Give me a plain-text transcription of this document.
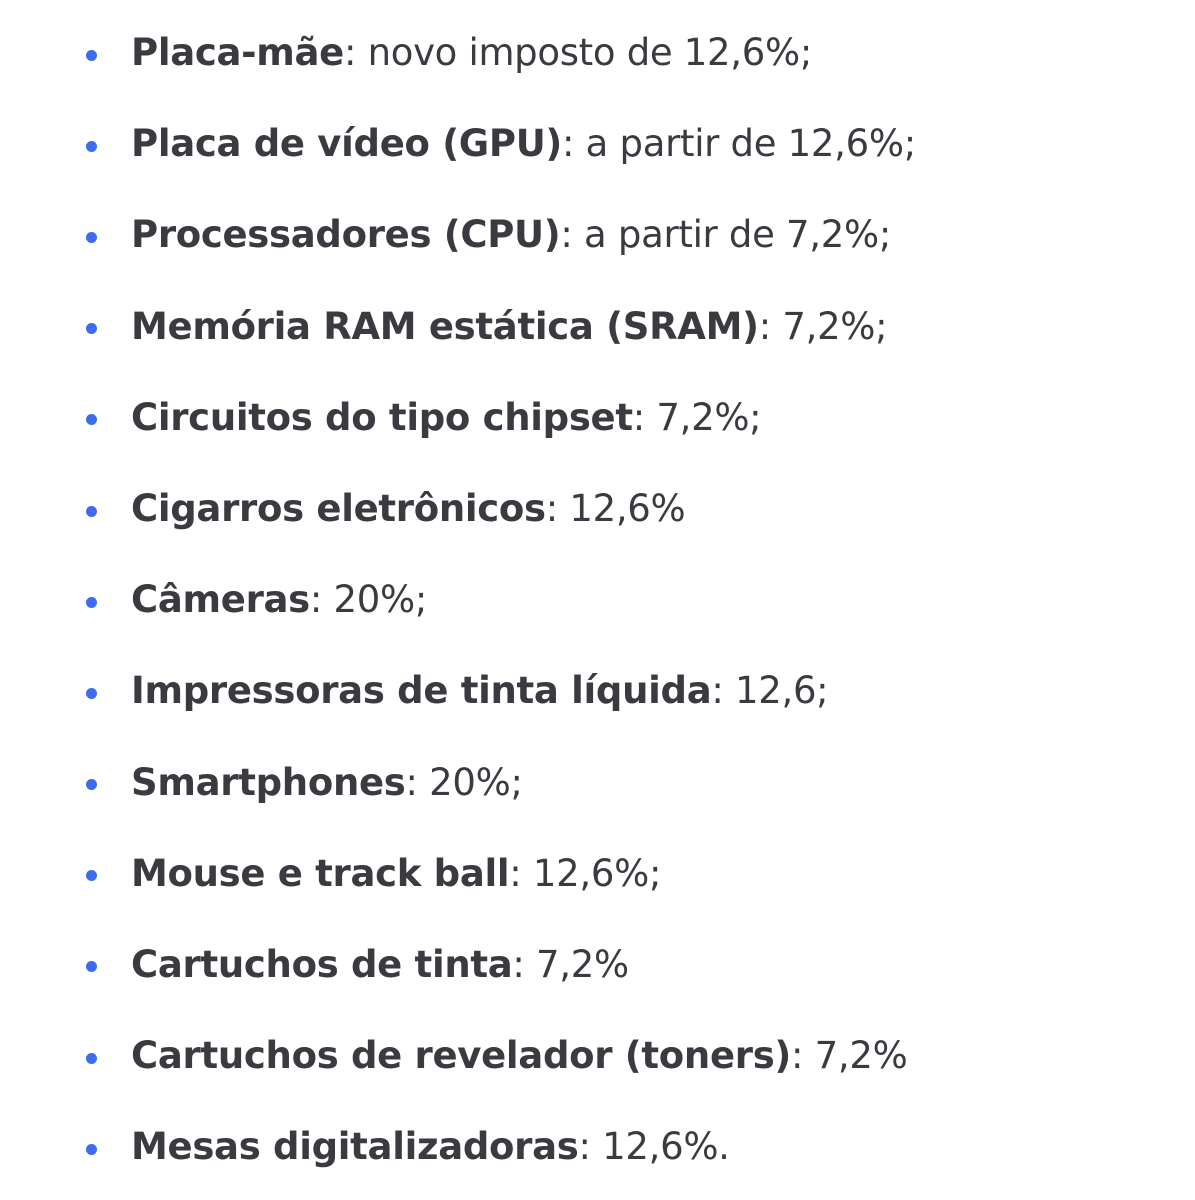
Placa-mãe : novo imposto de 12,6%;
Placa de vídeo (GPU) : a partir de 12,6%;
Processadores (CPU) : a partir de 7,2%;
Memória RAM estática (SRAM) : 7,2%;
Circuitos do tipo chipset : 7,2%;
Cigarros eletrônicos : 12,6%
Câmeras : 20%;
Impressoras de tinta líquida : 12,6;
Smartphones : 20%;
Mouse e track ball : 12,6%;
Cartuchos de tinta : 7,2%
Cartuchos de revelador (toners) : 7,2%
Mesas digitalizadoras : 12,6%.
